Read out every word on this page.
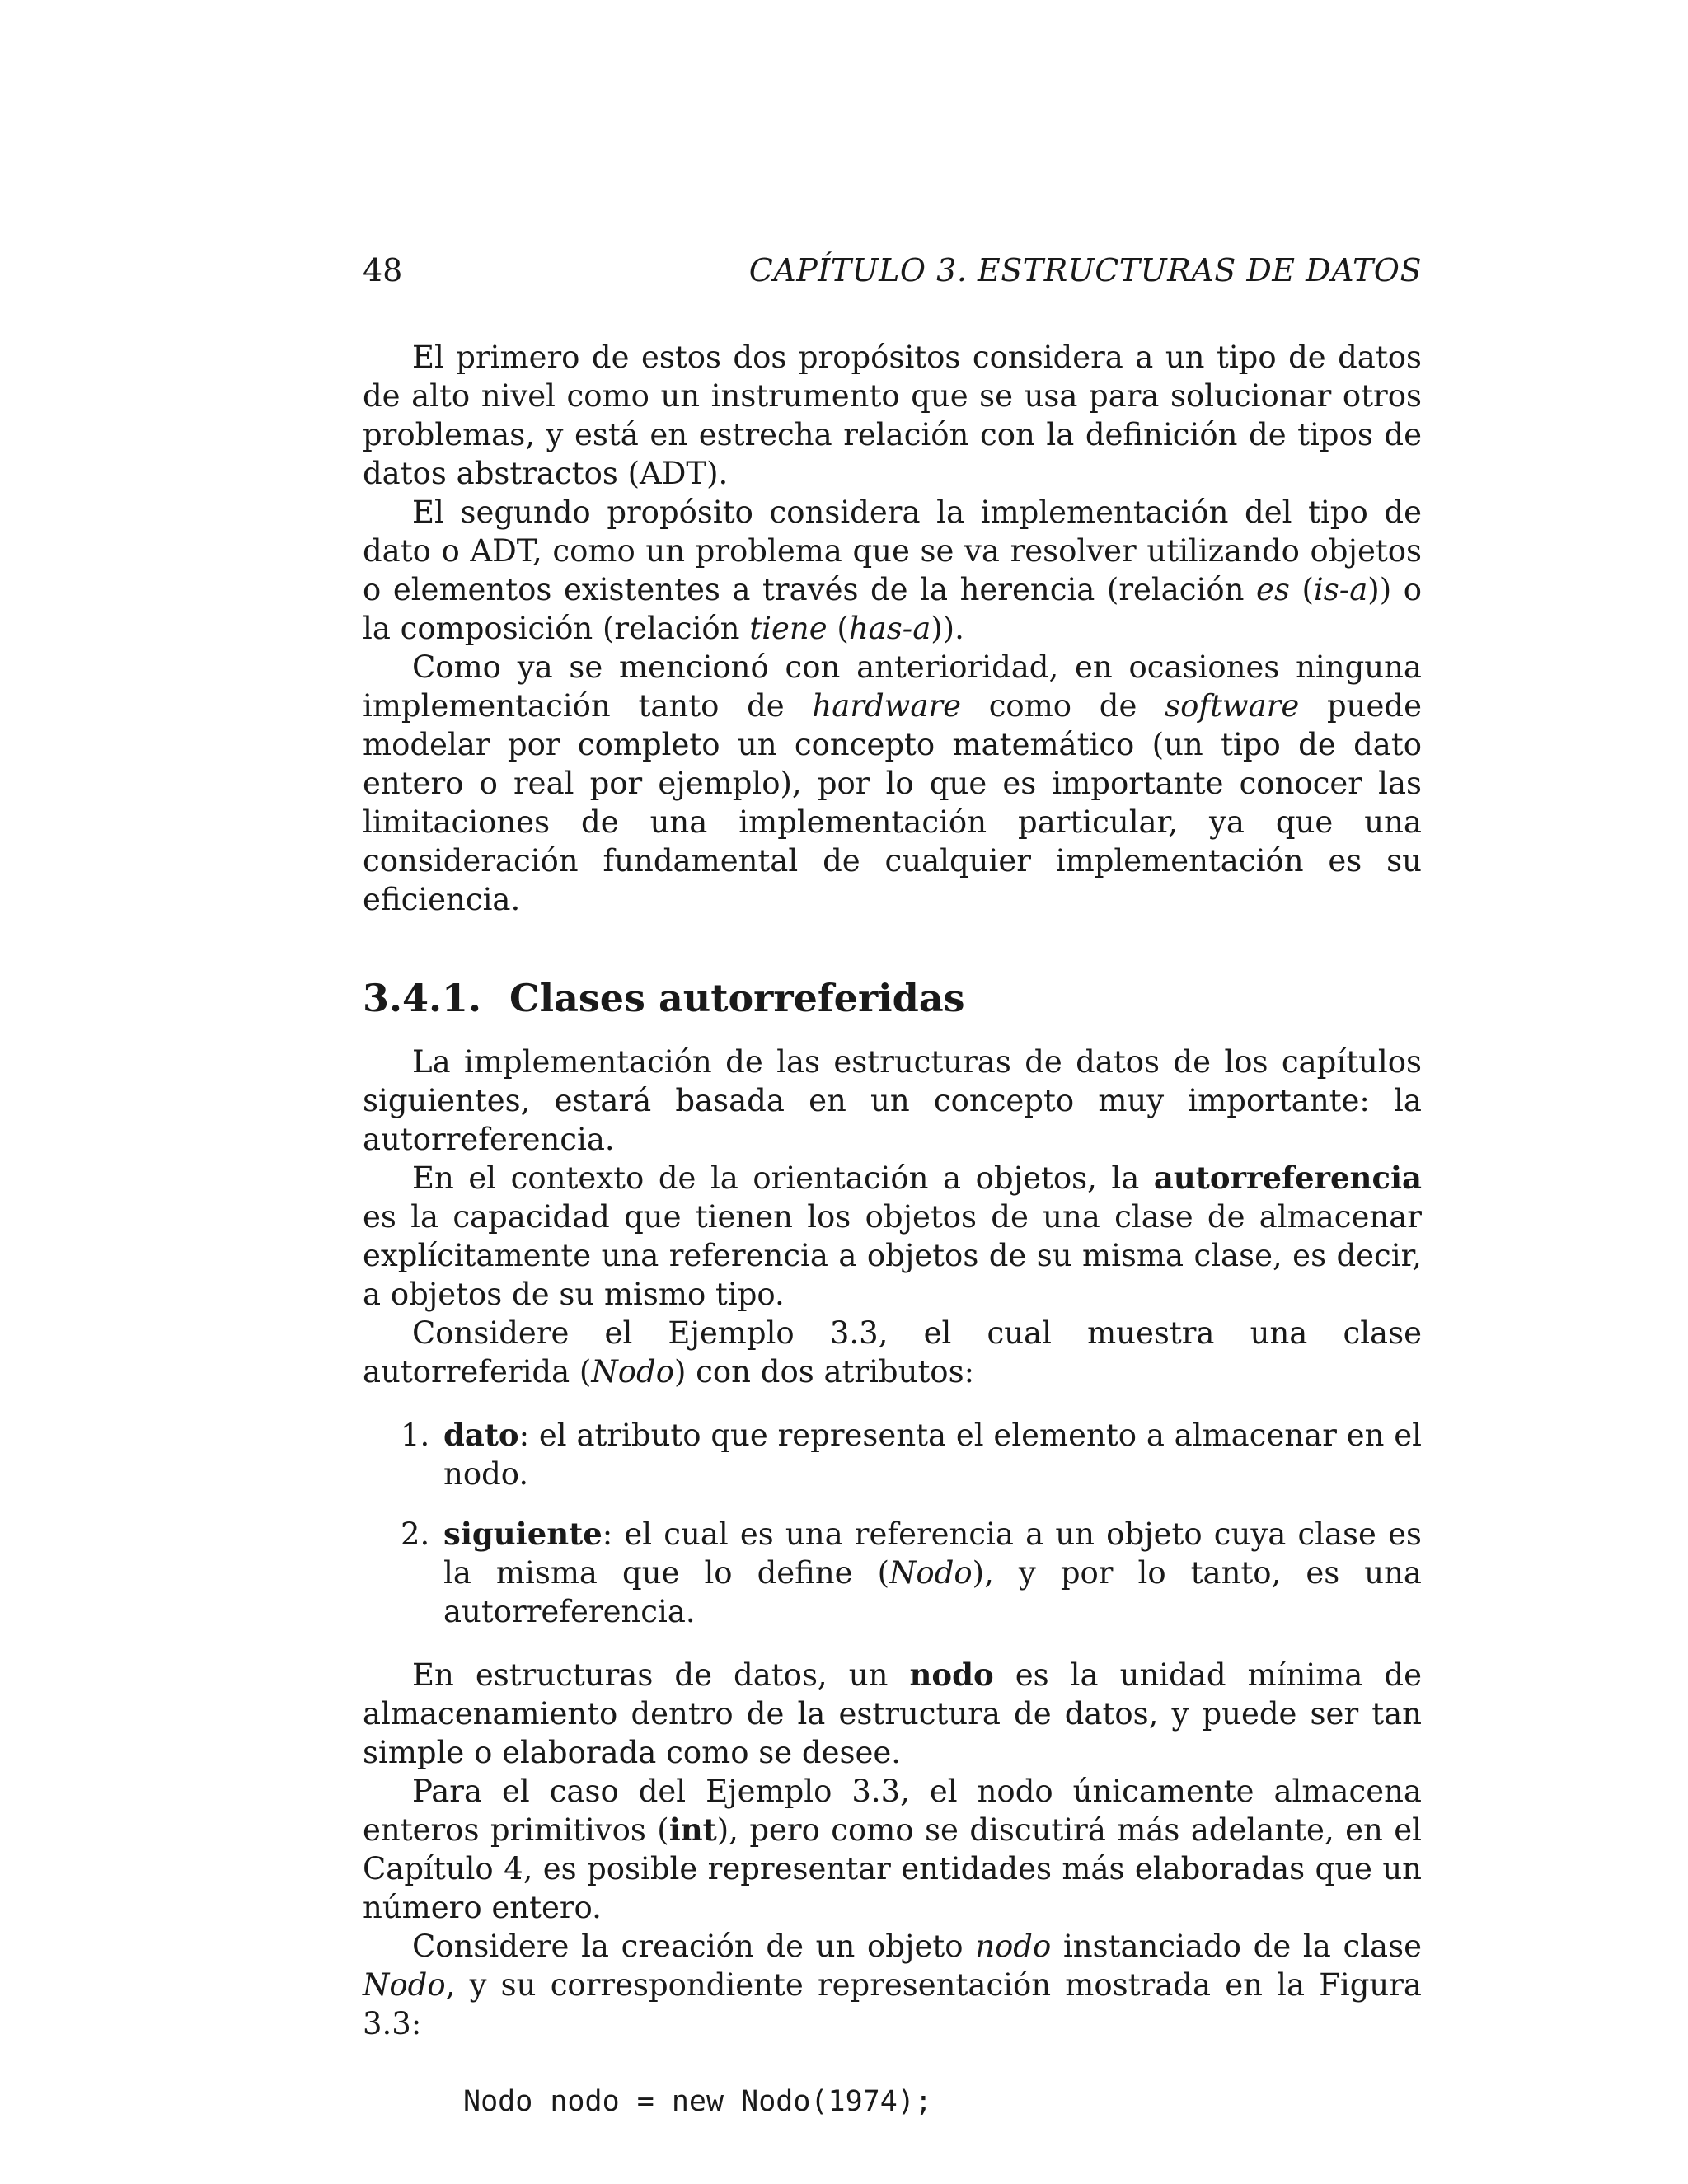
48	CAPÍTULO 3. ESTRUCTURAS DE DATOS

El primero de estos dos propósitos considera a un tipo de datos de alto nivel como un instrumento que se usa para solucionar otros problemas, y está en estrecha relación con la definición de tipos de datos abstractos (ADT).

El segundo propósito considera la implementación del tipo de dato o ADT, como un problema que se va resolver utilizando objetos o elementos existentes a través de la herencia (relación es (is-a)) o la composición (relación tiene (has-a)).

Como ya se mencionó con anterioridad, en ocasiones ninguna implementación tanto de hardware como de software puede modelar por completo un concepto matemático (un tipo de dato entero o real por ejemplo), por lo que es importante conocer las limitaciones de una implementación particular, ya que una consideración fundamental de cualquier implementación es su eficiencia.

3.4.1. Clases autorreferidas

La implementación de las estructuras de datos de los capítulos siguientes, estará basada en un concepto muy importante: la autorreferencia.

En el contexto de la orientación a objetos, la autorreferencia es la capacidad que tienen los objetos de una clase de almacenar explícitamente una referencia a objetos de su misma clase, es decir, a objetos de su mismo tipo.

Considere el Ejemplo 3.3, el cual muestra una clase autorreferida (Nodo) con dos atributos:

1. dato: el atributo que representa el elemento a almacenar en el nodo.
2. siguiente: el cual es una referencia a un objeto cuya clase es la misma que lo define (Nodo), y por lo tanto, es una autorreferencia.

En estructuras de datos, un nodo es la unidad mínima de almacenamiento dentro de la estructura de datos, y puede ser tan simple o elaborada como se desee.

Para el caso del Ejemplo 3.3, el nodo únicamente almacena enteros primitivos (int), pero como se discutirá más adelante, en el Capítulo 4, es posible representar entidades más elaboradas que un número entero.

Considere la creación de un objeto nodo instanciado de la clase Nodo, y su correspondiente representación mostrada en la Figura 3.3:

Nodo nodo = new Nodo(1974);
